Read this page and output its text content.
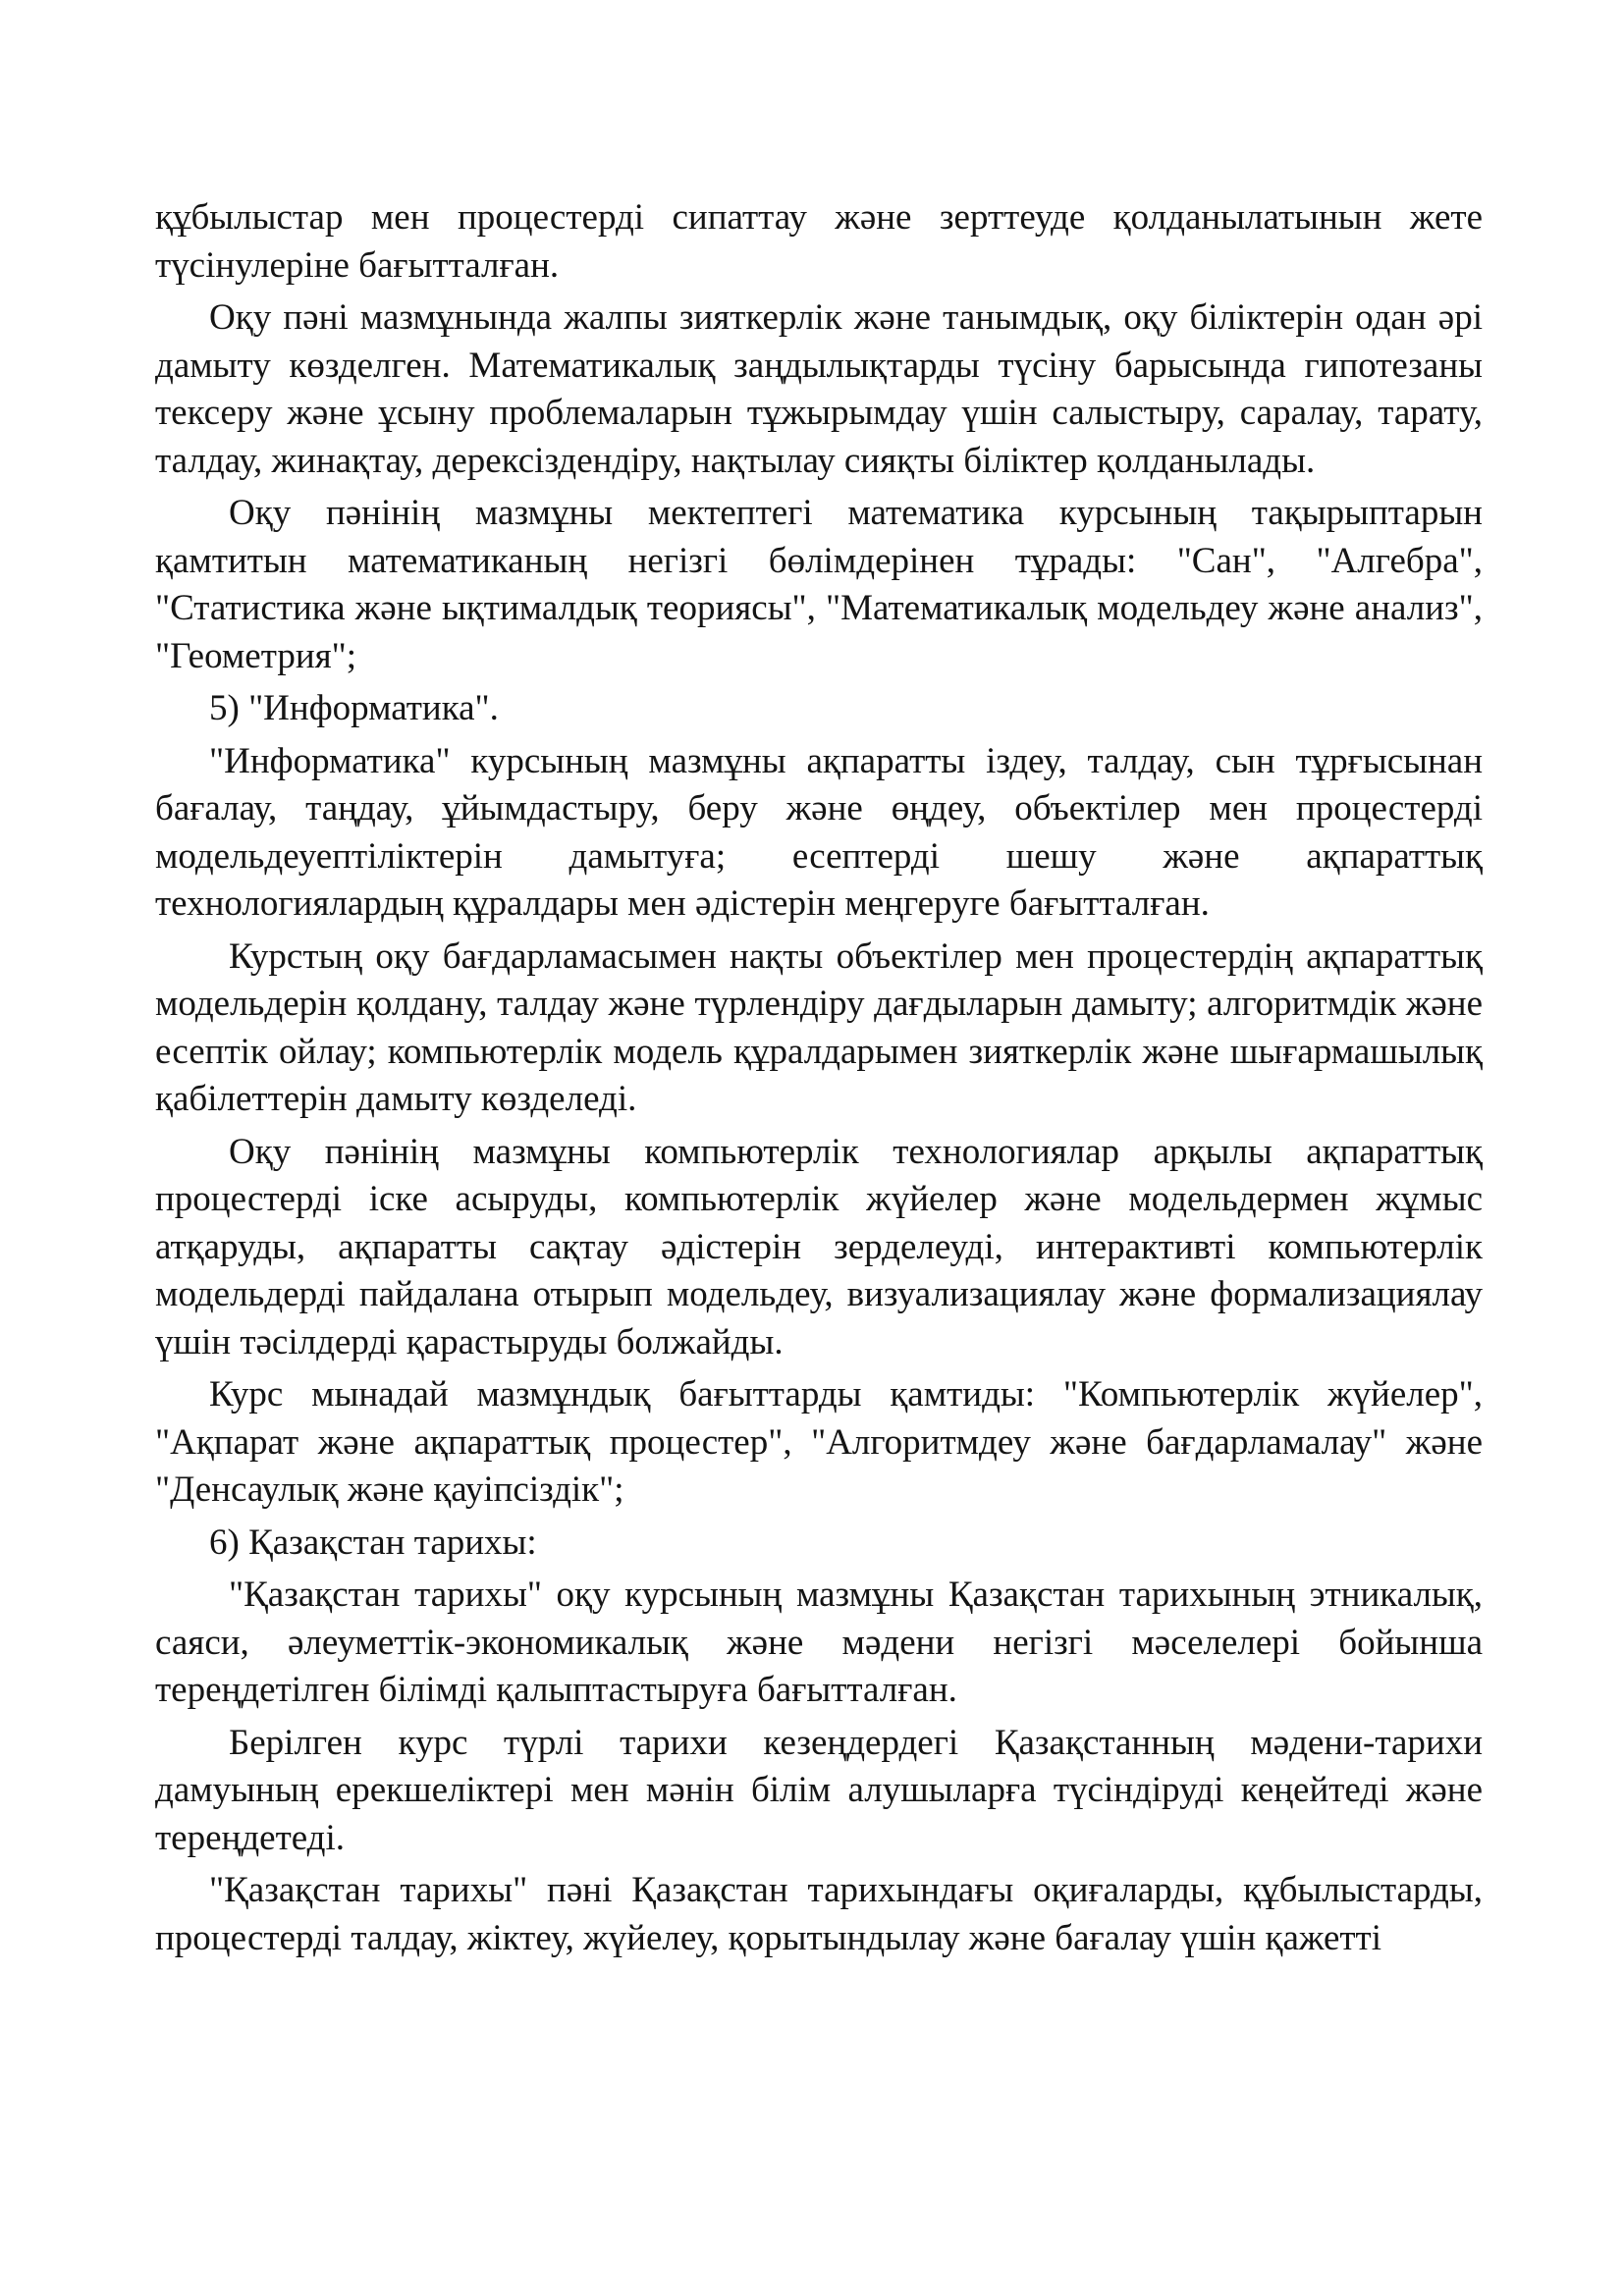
құбылыстар мен процестерді сипаттау және зерттеуде қолданылатынын жете түсінулеріне бағытталған.

Оқу пәні мазмұнында жалпы зияткерлік және танымдық, оқу біліктерін одан әрі дамыту көзделген. Математикалық заңдылықтарды түсіну барысында гипотезаны тексеру және ұсыну проблемаларын тұжырымдау үшін салыстыру, саралау, тарату, талдау, жинақтау, дерексіздендіру, нақтылау сияқты біліктер қолданылады.

Оқу пәнінің мазмұны мектептегі математика курсының тақырыптарын қамтитын математиканың негізгі бөлімдерінен тұрады: "Сан", "Алгебра", "Статистика және ықтималдық теориясы", "Математикалық модельдеу және анализ", "Геометрия";

5) "Информатика".

"Информатика" курсының мазмұны ақпаратты іздеу, талдау, сын тұрғысынан бағалау, таңдау, ұйымдастыру, беру және өңдеу, объектілер мен процестерді модельдеуептіліктерін дамытуға; есептерді шешу және ақпараттық технологиялардың құралдары мен әдістерін меңгеруге бағытталған.

Курстың оқу бағдарламасымен нақты объектілер мен процестердің ақпараттық модельдерін қолдану, талдау және түрлендіру дағдыларын дамыту; алгоритмдік және есептік ойлау; компьютерлік модель құралдарымен зияткерлік және шығармашылық қабілеттерін дамыту көзделеді.

Оқу пәнінің мазмұны компьютерлік технологиялар арқылы ақпараттық процестерді іске асыруды, компьютерлік жүйелер және модельдермен жұмыс атқаруды, ақпаратты сақтау әдістерін зерделеуді, интерактивті компьютерлік модельдерді пайдалана отырып модельдеу, визуализациялау және формализациялау үшін тәсілдерді қарастыруды болжайды.

Курс мынадай мазмұндық бағыттарды қамтиды: "Компьютерлік жүйелер", "Ақпарат және ақпараттық процестер", "Алгоритмдеу және бағдарламалау" және "Денсаулық және қауіпсіздік";

6) Қазақстан тарихы:

"Қазақстан тарихы" оқу курсының мазмұны Қазақстан тарихының этникалық, саяси, әлеуметтік-экономикалық және мәдени негізгі мәселелері бойынша тереңдетілген білімді қалыптастыруға бағытталған.

Берілген курс түрлі тарихи кезеңдердегі Қазақстанның мәдени-тарихи дамуының ерекшеліктері мен мәнін білім алушыларға түсіндіруді кеңейтеді және тереңдетеді.

"Қазақстан тарихы" пәні Қазақстан тарихындағы оқиғаларды, құбылыстарды, процестерді талдау, жіктеу, жүйелеу, қорытындылау және бағалау үшін қажетті
